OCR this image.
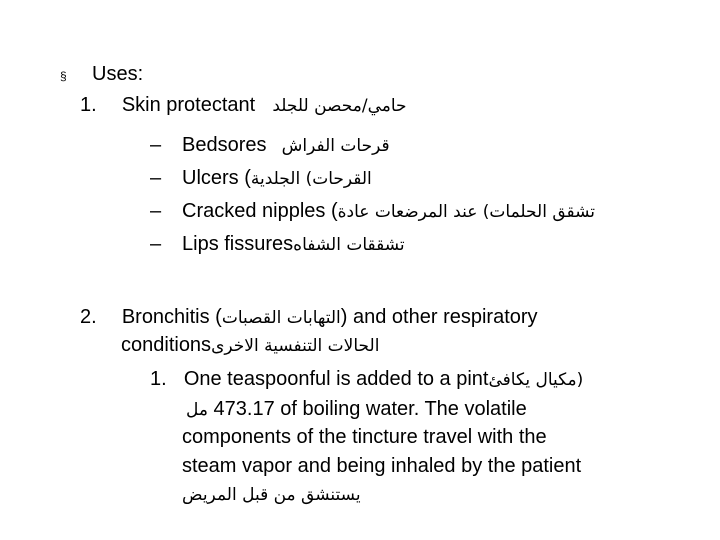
§ Uses:
1. Skin protectant حامي/محصن للجلد
– Bedsores قرحات الفراش
– Ulcers (القرحات) الجلدية
– Cracked nipples (تشقق الحلمات) عند المرضعات عادة
– Lips fissuresتشققات الشفاه
2. Bronchitis (التهابات القصبات) and other respiratory
conditionsالحالات التنفسية الاخرى
1. One teaspoonful is added to a pint(مكيال يكافئ
مل 473.17 of boiling water. The volatile
components of the tincture travel with the
steam vapor and being inhaled by the patient
يستنشق من قبل المريض
